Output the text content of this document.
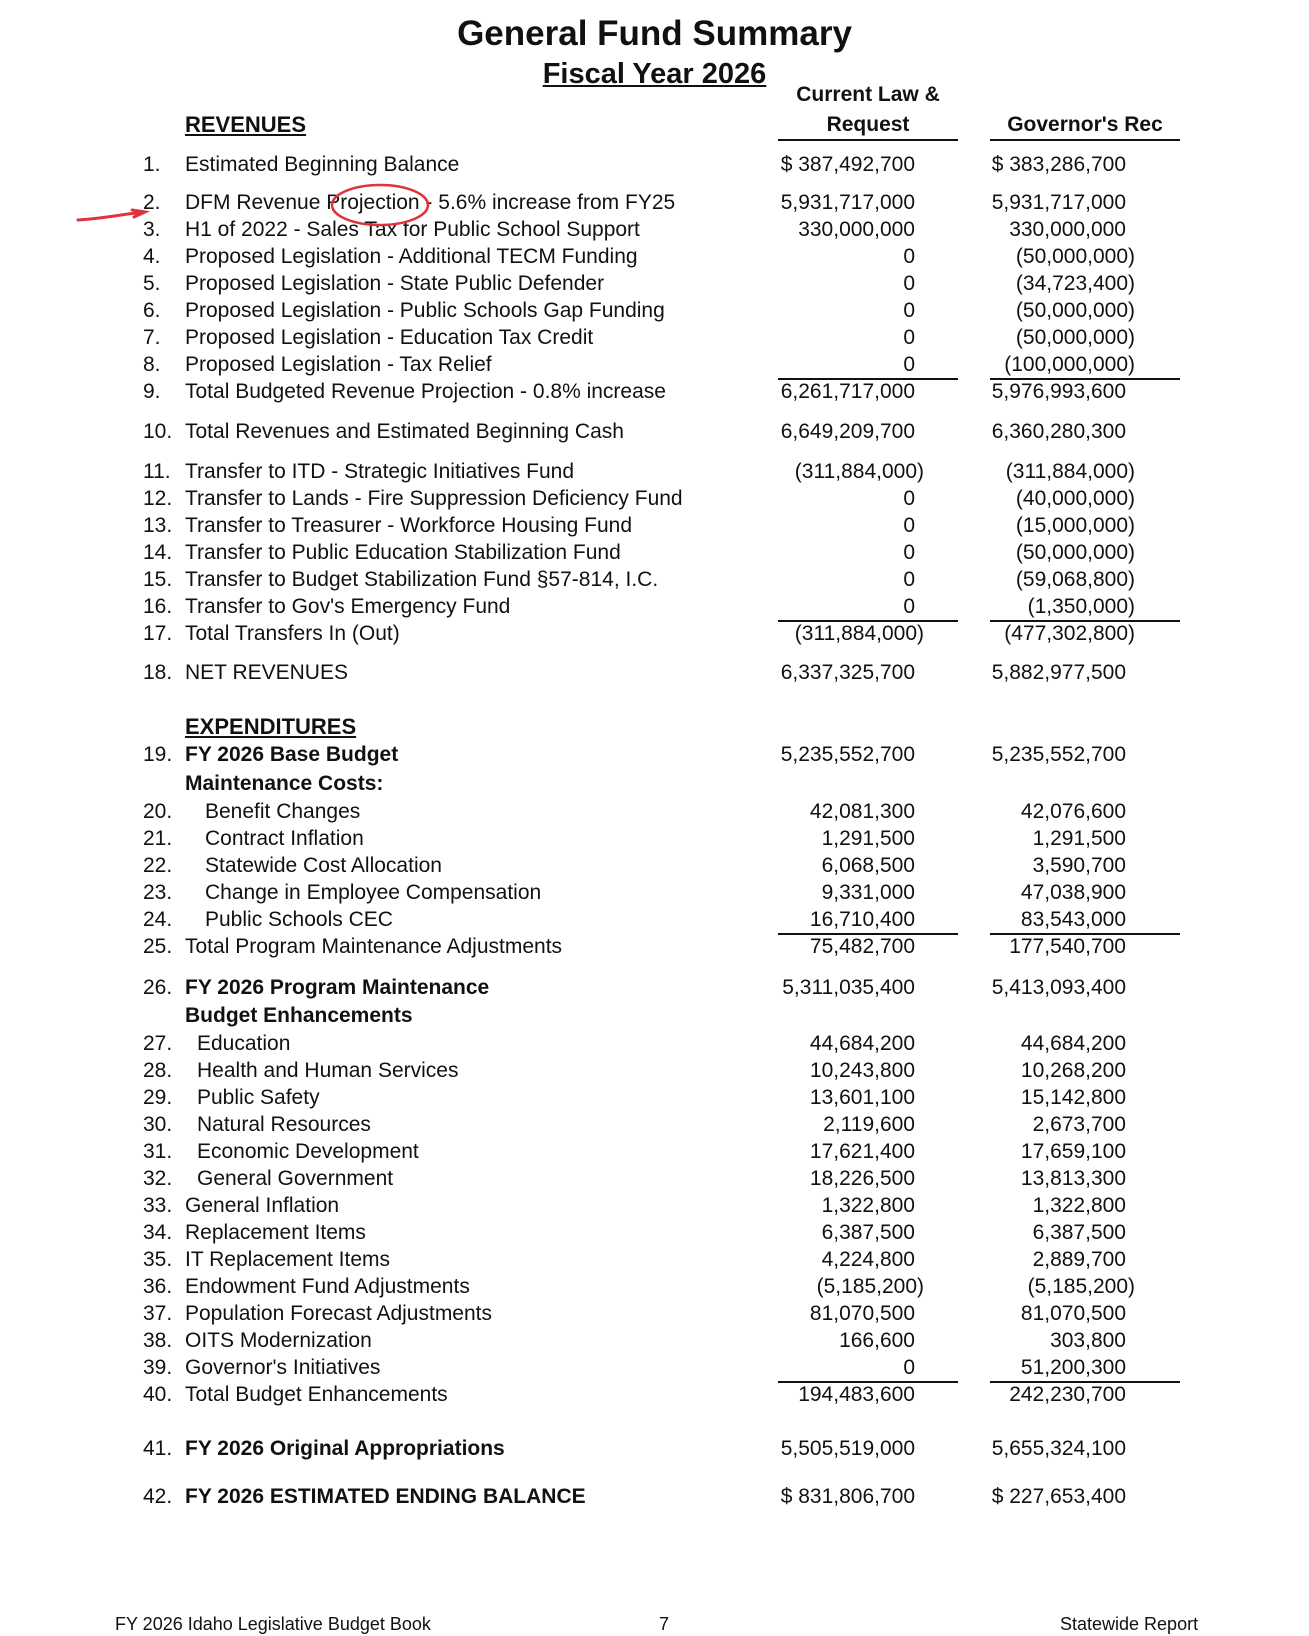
General Fund Summary
Fiscal Year 2026
Current Law &
Request	Governor's Rec
REVENUES
1. Estimated Beginning Balance	$ 387,492,700	$ 383,286,700
2. DFM Revenue Projection - 5.6% increase from FY25	5,931,717,000	5,931,717,000
3. H1 of 2022 - Sales Tax for Public School Support	330,000,000	330,000,000
4. Proposed Legislation - Additional TECM Funding	0	(50,000,000)
5. Proposed Legislation - State Public Defender	0	(34,723,400)
6. Proposed Legislation - Public Schools Gap Funding	0	(50,000,000)
7. Proposed Legislation - Education Tax Credit	0	(50,000,000)
8. Proposed Legislation - Tax Relief	0	(100,000,000)
9. Total Budgeted Revenue Projection - 0.8% increase	6,261,717,000	5,976,993,600
10. Total Revenues and Estimated Beginning Cash	6,649,209,700	6,360,280,300
11. Transfer to ITD - Strategic Initiatives Fund	(311,884,000)	(311,884,000)
12. Transfer to Lands - Fire Suppression Deficiency Fund	0	(40,000,000)
13. Transfer to Treasurer - Workforce Housing Fund	0	(15,000,000)
14. Transfer to Public Education Stabilization Fund	0	(50,000,000)
15. Transfer to Budget Stabilization Fund §57-814, I.C.	0	(59,068,800)
16. Transfer to Gov's Emergency Fund	0	(1,350,000)
17. Total Transfers In (Out)	(311,884,000)	(477,302,800)
18. NET REVENUES	6,337,325,700	5,882,977,500
EXPENDITURES
19. FY 2026 Base Budget	5,235,552,700	5,235,552,700
Maintenance Costs:
20. Benefit Changes	42,081,300	42,076,600
21. Contract Inflation	1,291,500	1,291,500
22. Statewide Cost Allocation	6,068,500	3,590,700
23. Change in Employee Compensation	9,331,000	47,038,900
24. Public Schools CEC	16,710,400	83,543,000
25. Total Program Maintenance Adjustments	75,482,700	177,540,700
26. FY 2026 Program Maintenance	5,311,035,400	5,413,093,400
Budget Enhancements
27. Education	44,684,200	44,684,200
28. Health and Human Services	10,243,800	10,268,200
29. Public Safety	13,601,100	15,142,800
30. Natural Resources	2,119,600	2,673,700
31. Economic Development	17,621,400	17,659,100
32. General Government	18,226,500	13,813,300
33. General Inflation	1,322,800	1,322,800
34. Replacement Items	6,387,500	6,387,500
35. IT Replacement Items	4,224,800	2,889,700
36. Endowment Fund Adjustments	(5,185,200)	(5,185,200)
37. Population Forecast Adjustments	81,070,500	81,070,500
38. OITS Modernization	166,600	303,800
39. Governor's Initiatives	0	51,200,300
40. Total Budget Enhancements	194,483,600	242,230,700
41. FY 2026 Original Appropriations	5,505,519,000	5,655,324,100
42. FY 2026 ESTIMATED ENDING BALANCE	$ 831,806,700	$ 227,653,400
FY 2026 Idaho Legislative Budget Book	7	Statewide Report
